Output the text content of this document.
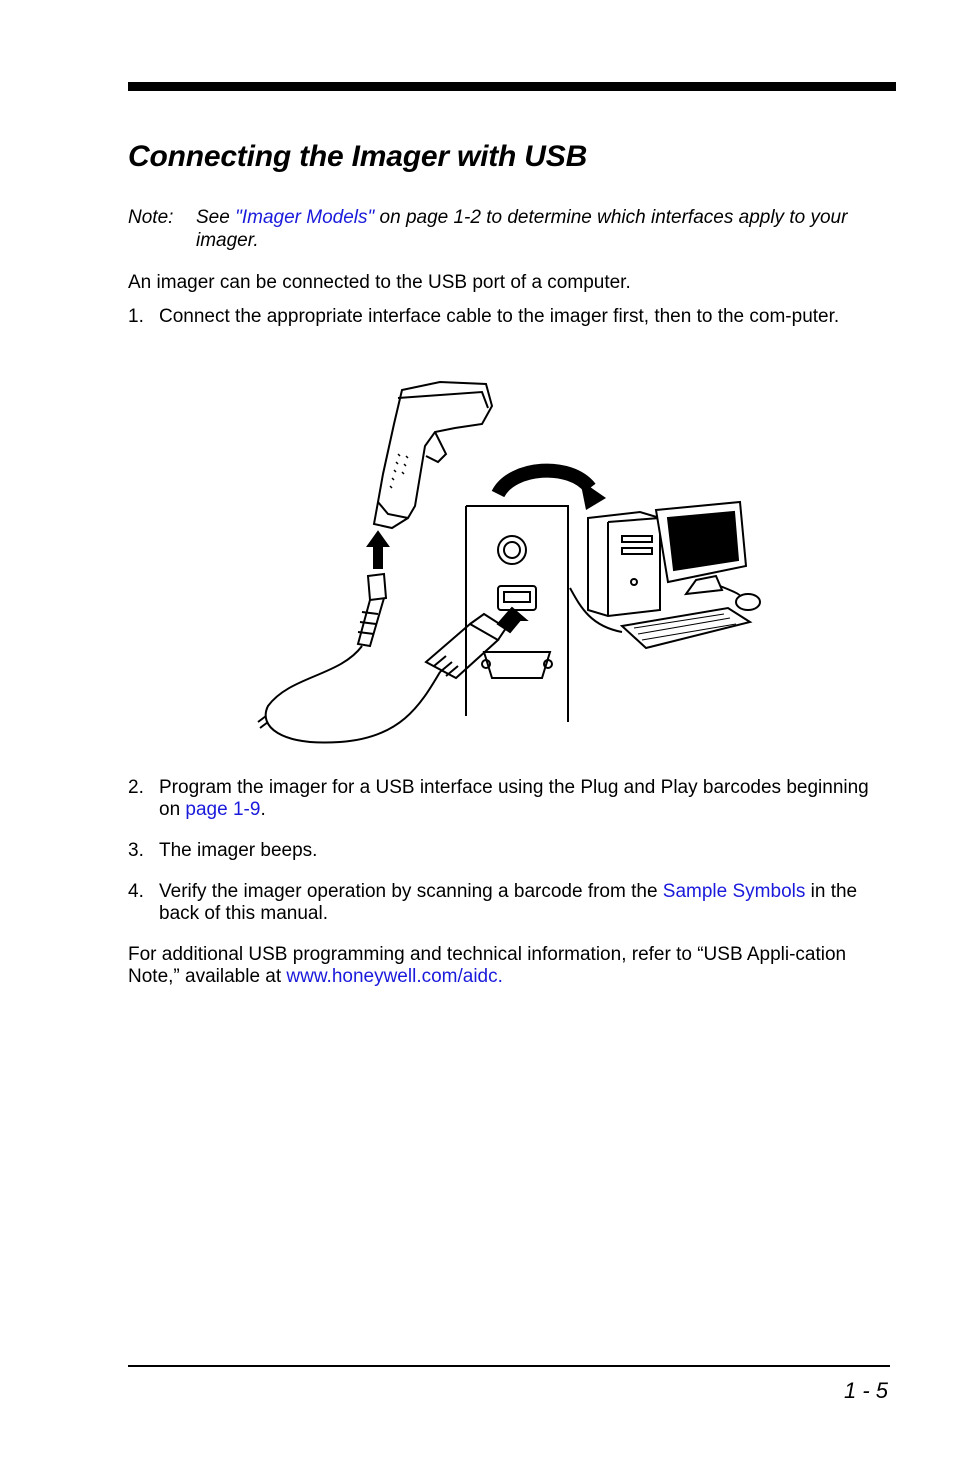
Connecting the Imager with USB
Note: See "Imager Models" on page 1-2 to determine which interfaces apply to your imager.
An imager can be connected to the USB port of a computer.
1. Connect the appropriate interface cable to the imager first, then to the com-puter.
2. Program the imager for a USB interface using the Plug and Play barcodes beginning on page 1-9.
3. The imager beeps.
4. Verify the imager operation by scanning a barcode from the Sample Symbols in the back of this manual.
For additional USB programming and technical information, refer to “USB Appli-cation Note,” available at www.honeywell.com/aidc.
1 - 5
